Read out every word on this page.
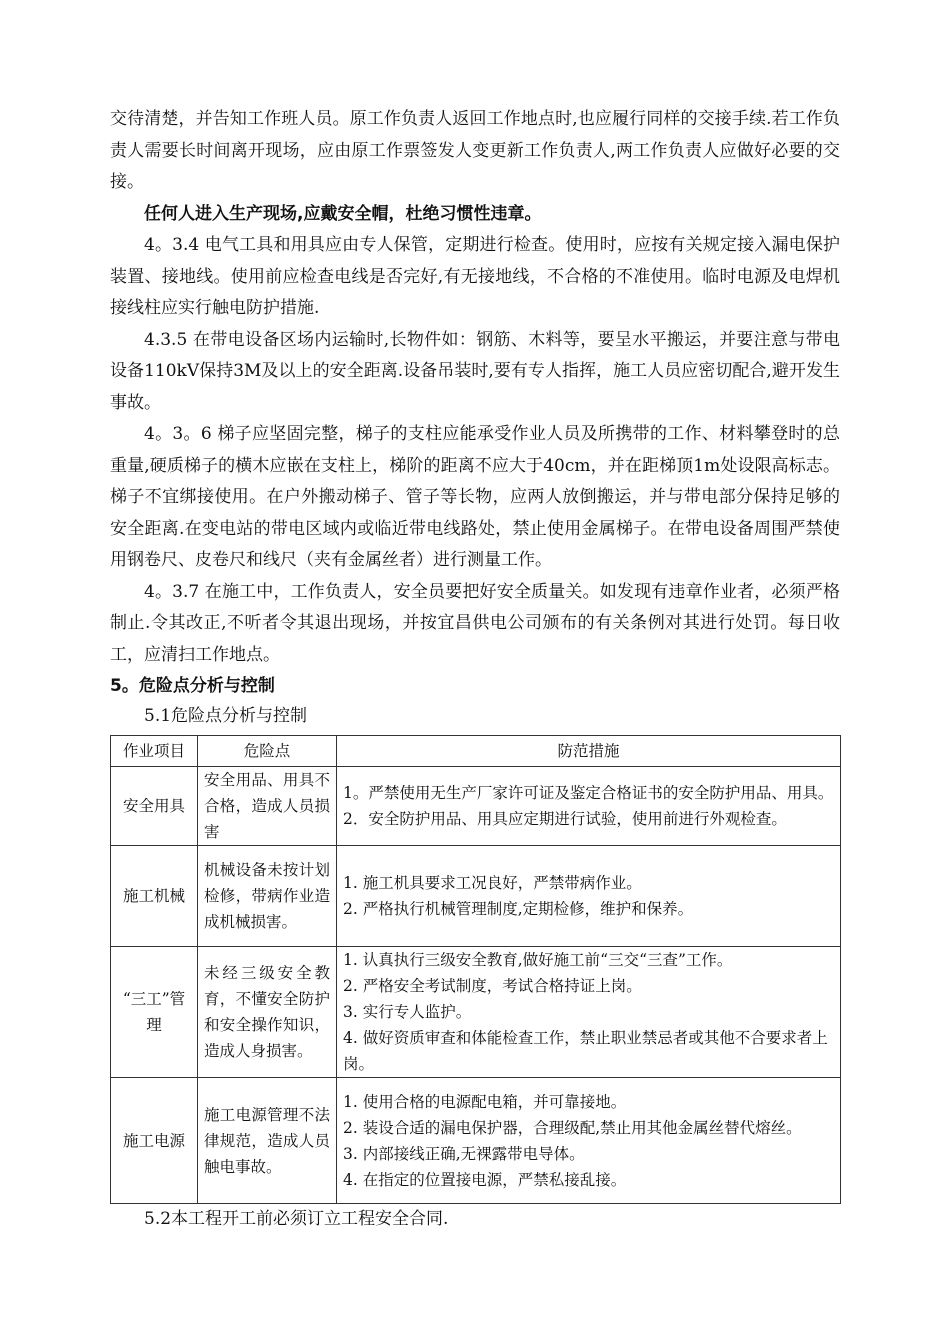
交待清楚，并告知工作班人员。原工作负责人返回工作地点时,也应履行同样的交接手续.若工作负责人需要长时间离开现场，应由原工作票签发人变更新工作负责人,两工作负责人应做好必要的交接。

任何人进入生产现场,应戴安全帽，杜绝习惯性违章。

4。3.4 电气工具和用具应由专人保管，定期进行检查。使用时，应按有关规定接入漏电保护装置、接地线。使用前应检查电线是否完好,有无接地线，不合格的不准使用。临时电源及电焊机接线柱应实行触电防护措施.

4.3.5 在带电设备区场内运输时,长物件如：钢筋、木料等，要呈水平搬运，并要注意与带电设备110kV保持3M及以上的安全距离.设备吊装时,要有专人指挥，施工人员应密切配合,避开发生事故。

4。3。6 梯子应坚固完整，梯子的支柱应能承受作业人员及所携带的工作、材料攀登时的总重量,硬质梯子的横木应嵌在支柱上，梯阶的距离不应大于40cm，并在距梯顶1m处设限高标志。梯子不宜绑接使用。在户外搬动梯子、管子等长物，应两人放倒搬运，并与带电部分保持足够的安全距离.在变电站的带电区域内或临近带电线路处，禁止使用金属梯子。在带电设备周围严禁使用钢卷尺、皮卷尺和线尺（夹有金属丝者）进行测量工作。

4。3.7 在施工中，工作负责人，安全员要把好安全质量关。如发现有违章作业者，必须严格制止.令其改正,不听者令其退出现场，并按宜昌供电公司颁布的有关条例对其进行处罚。每日收工，应清扫工作地点。

5。危险点分析与控制

5.1危险点分析与控制

作业项目	危险点	防范措施
安全用具	安全用品、用具不合格，造成人员损害	1。严禁使用无生产厂家许可证及鉴定合格证书的安全防护用品、用具。
2．安全防护用品、用具应定期进行试验，使用前进行外观检查。

施工机械	机械设备未按计划检修，带病作业造成机械损害。	1. 施工机具要求工况良好，严禁带病作业。
2. 严格执行机械管理制度,定期检修，维护和保养。

“三工”管理	未经三级安全教育，不懂安全防护和安全操作知识，造成人身损害。	1. 认真执行三级安全教育,做好施工前“三交“三查”工作。
2. 严格安全考试制度，考试合格持证上岗。
3. 实行专人监护。
4. 做好资质审查和体能检查工作，禁止职业禁忌者或其他不合要求者上岗。

施工电源	施工电源管理不法律规范，造成人员触电事故。	1. 使用合格的电源配电箱，并可靠接地。
2. 装设合适的漏电保护器，合理级配,禁止用其他金属丝替代熔丝。
3. 内部接线正确,无裸露带电导体。
4. 在指定的位置接电源，严禁私接乱接。

5.2本工程开工前必须订立工程安全合同.
